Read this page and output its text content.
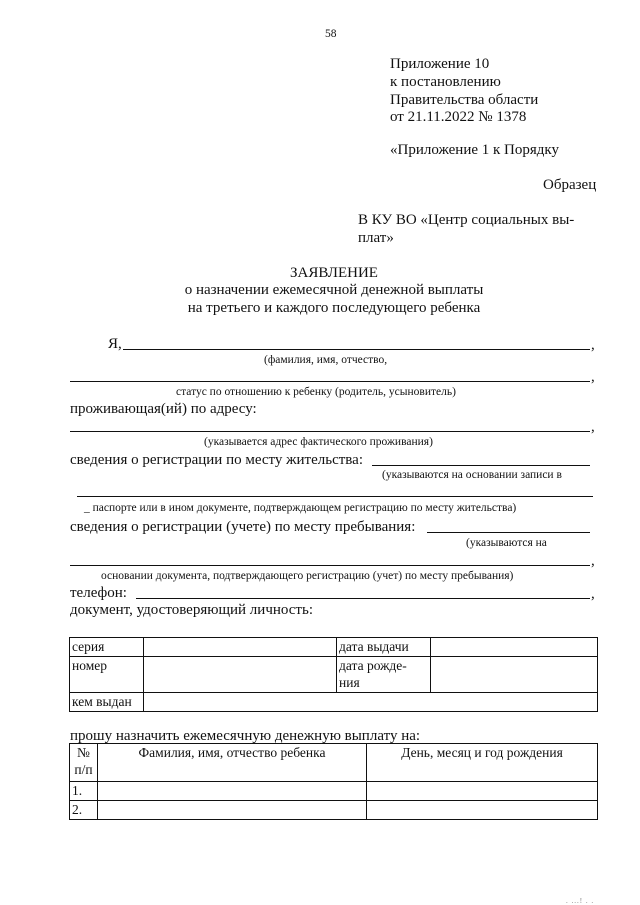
58
Приложение 10
к постановлению
Правительства области
от 21.11.2022 № 1378
«Приложение 1 к Порядку
Образец
В КУ ВО «Центр социальных вы-
плат»
ЗАЯВЛЕНИЕ
о назначении ежемесячной денежной выплаты
на третьего и каждого последующего ребенка
Я,	,
(фамилия, имя, отчество,
,
статус по отношению к ребенку (родитель, усыновитель)
проживающая(ий) по адресу:
,
(указывается адрес фактического проживания)
сведения о регистрации по месту жительства:
(указываются на основании записи в
_ паспорте или в ином документе, подтверждающем регистрацию по месту жительства)
сведения о регистрации (учете) по месту пребывания:
(указываются на
,
основании документа, подтверждающего регистрацию (учет) по месту пребывания)
телефон:	,
документ, удостоверяющий личность:
серия		дата выдачи	
номер		дата рожде-
ния	

кем выдан			
прошу назначить ежемесячную денежную выплату на:
№
п/п	Фамилия, имя, отчество ребенка	День, месяц и год рождения
1.		
2.		
. ...! . .
